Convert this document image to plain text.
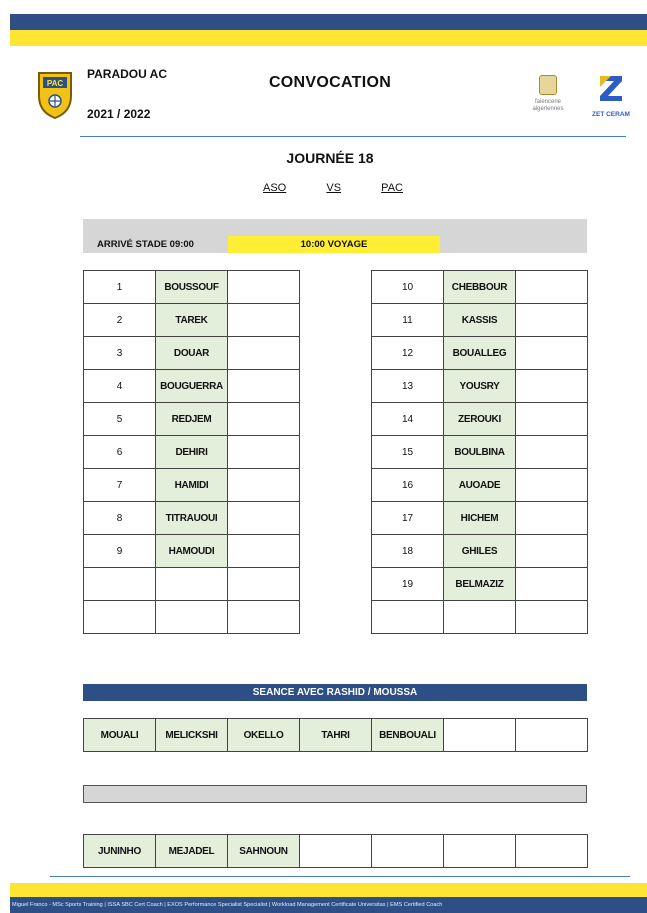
PAC
PARADOU AC
2021 / 2022
CONVOCATION
faiencerie algeriennes
ZET CERAM
JOURNÉE 18
ASO	VS	PAC
ARRIVÉ STADE 09:00	10:00 VOYAGE
1	BOUSSOUF	
2	TAREK	
3	DOUAR	
4	BOUGUERRA	
5	REDJEM	
6	DEHIRI	
7	HAMIDI	
8	TITRAUOUI	
9	HAMOUDI	

10	CHEBBOUR	
11	KASSIS	
12	BOUALLEG	
13	YOUSRY	
14	ZEROUKI	
15	BOULBINA	
16	AUOADE	
17	HICHEM	
18	GHILES	
19	BELMAZIZ	

SEANCE AVEC RASHID / MOUSSA
MOUALI	MELICKSHI	OKELLO	TAHRI	BENBOUALI		
JUNINHO	MEJADEL	SAHNOUN				
Miguel Franco - MSc Sports Training | ISSA SBC Cert Coach | EXOS Performance Specialist Specialist | Workload Management Certificate Universitas | EMS Certified Coach
